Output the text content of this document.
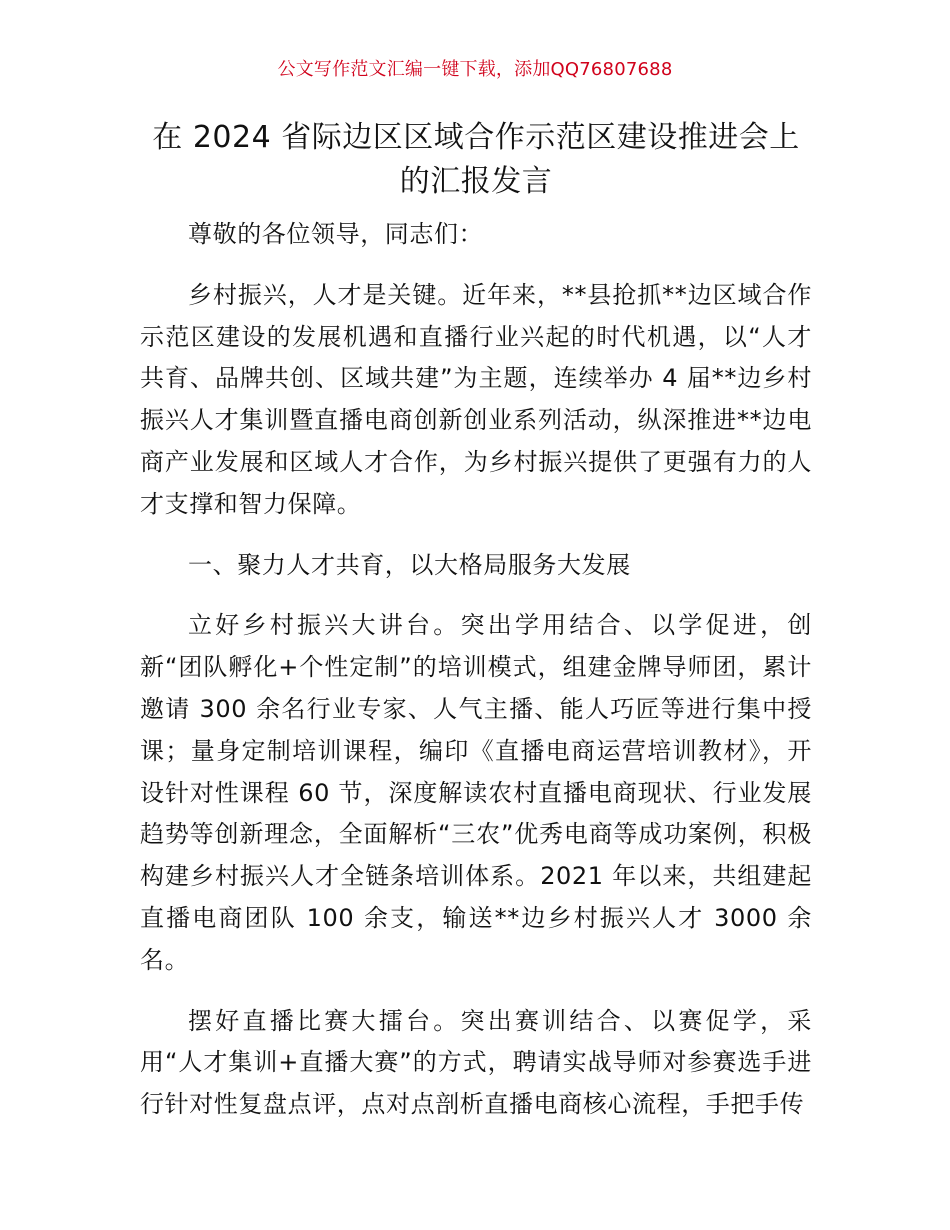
公文写作范文汇编一键下载，添加QQ76807688
在 2024 省际边区区域合作示范区建设推进会上的汇报发言

尊敬的各位领导，同志们：

乡村振兴，人才是关键。近年来，**县抢抓**边区域合作示范区建设的发展机遇和直播行业兴起的时代机遇，以“人才共育、品牌共创、区域共建”为主题，连续举办 4 届**边乡村振兴人才集训暨直播电商创新创业系列活动，纵深推进**边电商产业发展和区域人才合作，为乡村振兴提供了更强有力的人才支撑和智力保障。

一、聚力人才共育，以大格局服务大发展

立好乡村振兴大讲台。突出学用结合、以学促进，创新“团队孵化+个性定制”的培训模式，组建金牌导师团，累计邀请 300 余名行业专家、人气主播、能人巧匠等进行集中授课；量身定制培训课程，编印《直播电商运营培训教材》，开设针对性课程 60 节，深度解读农村直播电商现状、行业发展趋势等创新理念，全面解析“三农”优秀电商等成功案例，积极构建乡村振兴人才全链条培训体系。2021 年以来，共组建起直播电商团队 100 余支，输送**边乡村振兴人才 3000 余名。

摆好直播比赛大擂台。突出赛训结合、以赛促学，采用“人才集训+直播大赛”的方式，聘请实战导师对参赛选手进行针对性复盘点评，点对点剖析直播电商核心流程，手把手传
